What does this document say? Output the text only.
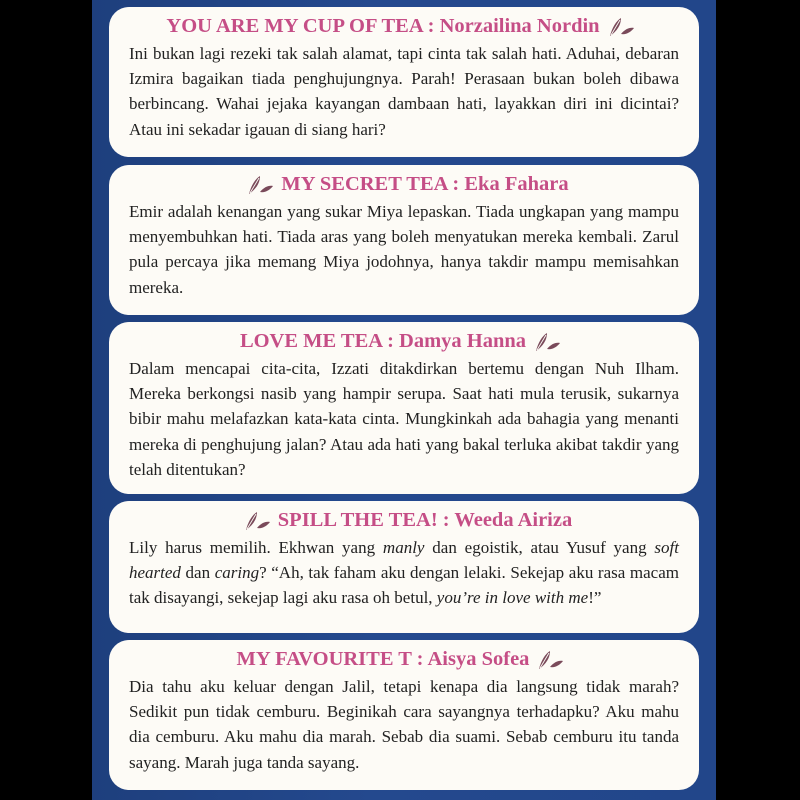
YOU ARE MY CUP OF TEA : Norzailina Nordin

Ini bukan lagi rezeki tak salah alamat, tapi cinta tak salah hati. Aduhai, debaran Izmira bagaikan tiada penghujungnya. Parah! Perasaan bukan boleh dibawa berbincang. Wahai jejaka kayangan dambaan hati, layakkan diri ini dicintai? Atau ini sekadar igauan di siang hari?

MY SECRET TEA : Eka Fahara

Emir adalah kenangan yang sukar Miya lepaskan. Tiada ungkapan yang mampu menyembuhkan hati. Tiada aras yang boleh menyatukan mereka kembali. Zarul pula percaya jika memang Miya jodohnya, hanya takdir mampu memisahkan mereka.

LOVE ME TEA : Damya Hanna

Dalam mencapai cita-cita, Izzati ditakdirkan bertemu dengan Nuh Ilham. Mereka berkongsi nasib yang hampir serupa. Saat hati mula terusik, sukarnya bibir mahu melafazkan kata-kata cinta. Mungkinkah ada bahagia yang menanti mereka di penghujung jalan? Atau ada hati yang bakal terluka akibat takdir yang telah ditentukan?

SPILL THE TEA! : Weeda Airiza

Lily harus memilih. Ekhwan yang manly dan egoistik, atau Yusuf yang soft hearted dan caring? “Ah, tak faham aku dengan lelaki. Sekejap aku rasa macam tak disayangi, sekejap lagi aku rasa oh betul, you’re in love with me!”

MY FAVOURITE T : Aisya Sofea

Dia tahu aku keluar dengan Jalil, tetapi kenapa dia langsung tidak marah? Sedikit pun tidak cemburu. Beginikah cara sayangnya terhadapku? Aku mahu dia cemburu. Aku mahu dia marah. Sebab dia suami. Sebab cemburu itu tanda sayang. Marah juga tanda sayang.
